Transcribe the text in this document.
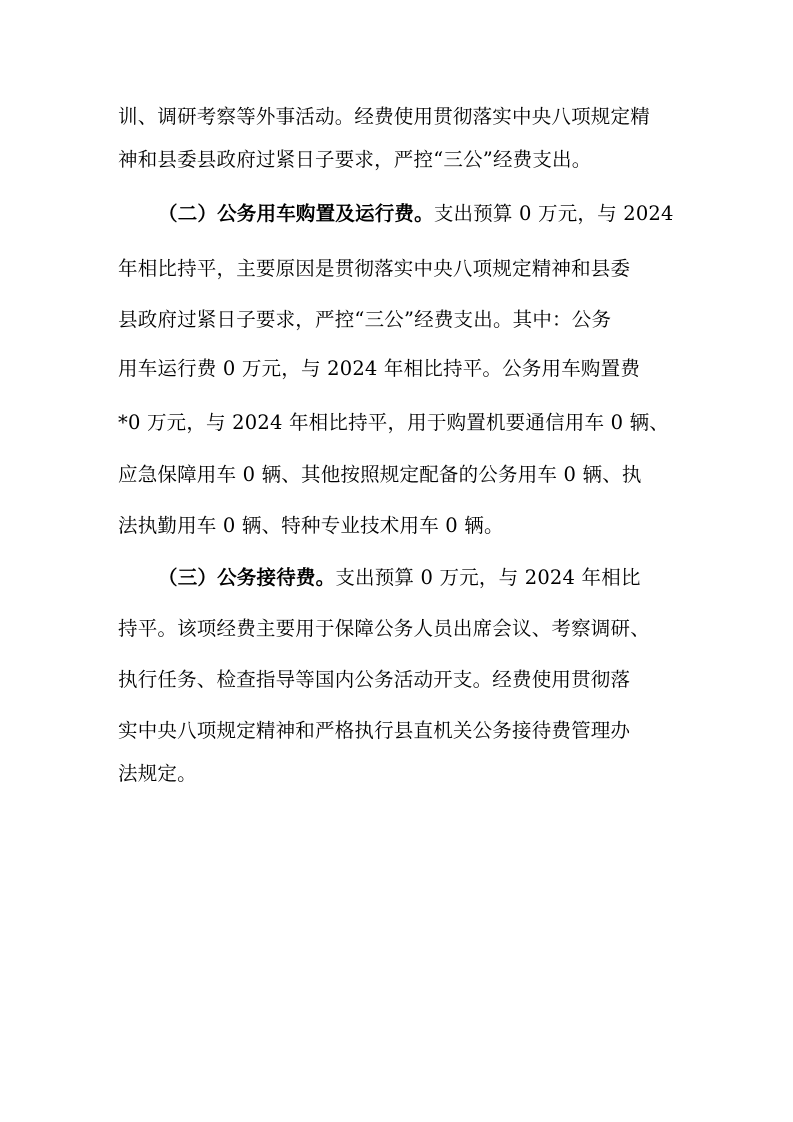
训、调研考察等外事活动。经费使用贯彻落实中央八项规定精
神和县委县政府过紧日子要求，严控“三公”经费支出。
（二）公务用车购置及运行费。支出预算 0 万元，与 2024
年相比持平，主要原因是贯彻落实中央八项规定精神和县委
县政府过紧日子要求，严控“三公”经费支出。其中：公务
用车运行费 0 万元，与 2024 年相比持平。公务用车购置费
*0 万元，与 2024 年相比持平，用于购置机要通信用车 0 辆、
应急保障用车 0 辆、其他按照规定配备的公务用车 0 辆、执
法执勤用车 0 辆、特种专业技术用车 0 辆。
（三）公务接待费。支出预算 0 万元，与 2024 年相比
持平。该项经费主要用于保障公务人员出席会议、考察调研、
执行任务、检查指导等国内公务活动开支。经费使用贯彻落
实中央八项规定精神和严格执行县直机关公务接待费管理办
法规定。
